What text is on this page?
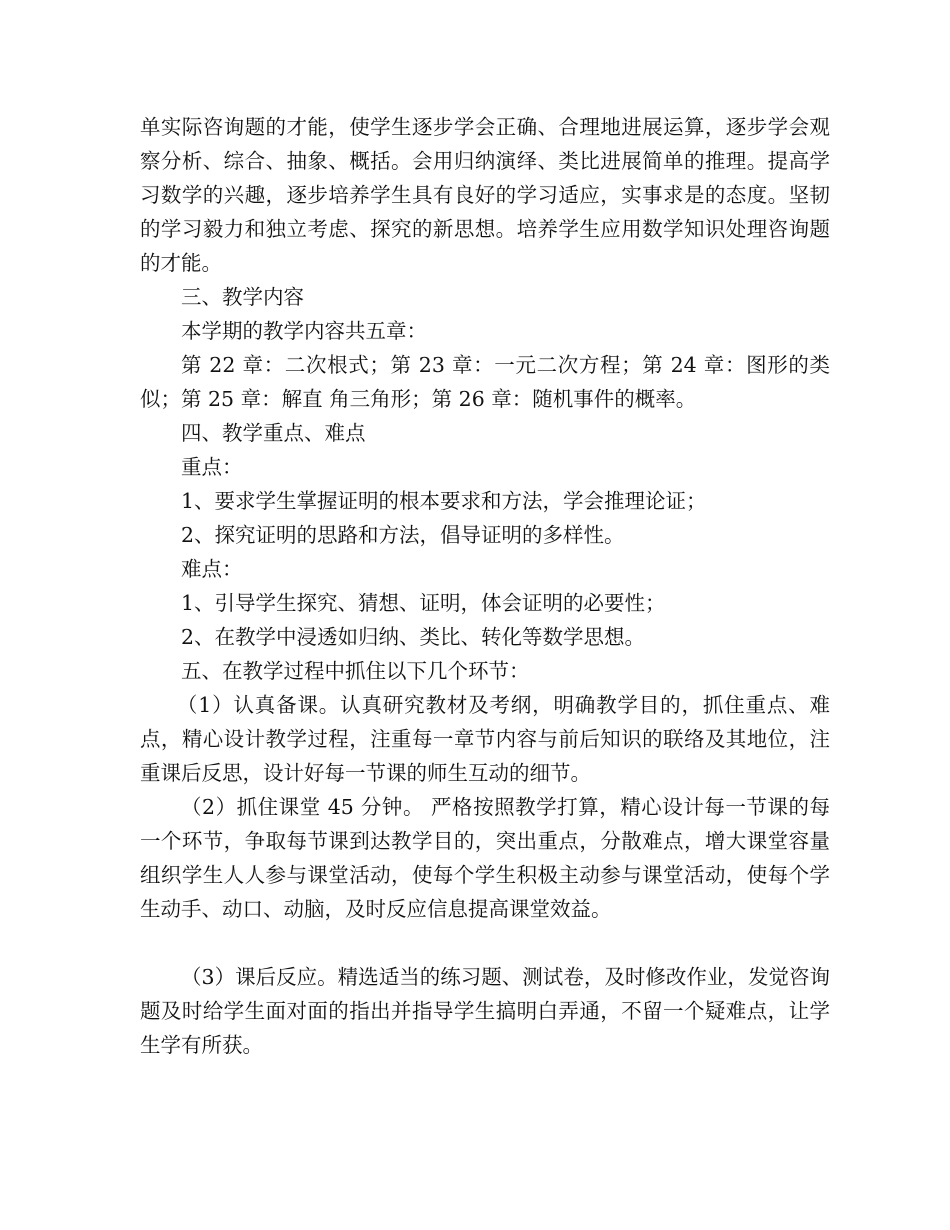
单实际咨询题的才能，使学生逐步学会正确、合理地进展运算，逐步学会观察分析、综合、抽象、概括。会用归纳演绎、类比进展简单的推理。提高学习数学的兴趣，逐步培养学生具有良好的学习适应，实事求是的态度。坚韧的学习毅力和独立考虑、探究的新思想。培养学生应用数学知识处理咨询题的才能。

三、教学内容

本学期的教学内容共五章：

第 22 章：二次根式；第 23 章：一元二次方程；第 24 章：图形的类似；第 25 章：解直 角三角形；第 26 章：随机事件的概率。

四、教学重点、难点

重点：

1、要求学生掌握证明的根本要求和方法，学会推理论证；

2、探究证明的思路和方法，倡导证明的多样性。

难点：

1、引导学生探究、猜想、证明，体会证明的必要性；

2、在教学中浸透如归纳、类比、转化等数学思想。

五、在教学过程中抓住以下几个环节：

（1）认真备课。认真研究教材及考纲，明确教学目的，抓住重点、难点，精心设计教学过程，注重每一章节内容与前后知识的联络及其地位，注重课后反思，设计好每一节课的师生互动的细节。

（2）抓住课堂 45 分钟。 严格按照教学打算，精心设计每一节课的每一个环节，争取每节课到达教学目的，突出重点，分散难点，增大课堂容量组织学生人人参与课堂活动，使每个学生积极主动参与课堂活动，使每个学生动手、动口、动脑，及时反应信息提高课堂效益。

（3）课后反应。精选适当的练习题、测试卷，及时修改作业，发觉咨询题及时给学生面对面的指出并指导学生搞明白弄通，不留一个疑难点，让学生学有所获。
